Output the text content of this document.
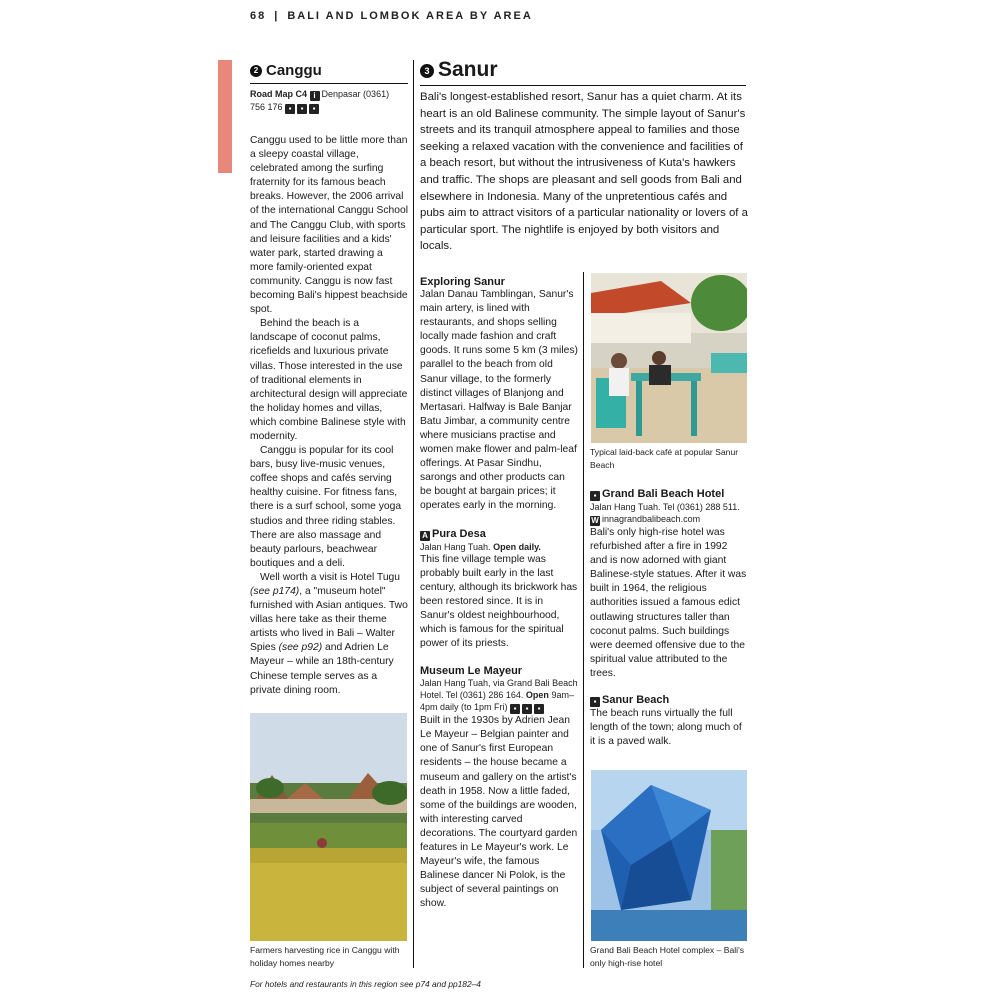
68 | BALI AND LOMBOK AREA BY AREA
2 Canggu
Road Map C4 i Denpasar (0361)
756 176 ▪ ▪ ▪

Canggu used to be little more than a sleepy coastal village, celebrated among the surfing fraternity for its famous beach breaks. However, the 2006 arrival of the international Canggu School and The Canggu Club, with sports and leisure facilities and a kids' water park, started drawing a more family-oriented expat community. Canggu is now fast becoming Bali's hippest beachside spot.

Behind the beach is a landscape of coconut palms, ricefields and luxurious private villas. Those interested in the use of traditional elements in architectural design will appreciate the holiday homes and villas, which combine Balinese style with modernity.

Canggu is popular for its cool bars, busy live-music venues, coffee shops and cafés serving healthy cuisine. For fitness fans, there is a surf school, some yoga studios and three riding stables. There are also massage and beauty parlours, beachwear boutiques and a deli.

Well worth a visit is Hotel Tugu (see p174), a "museum hotel" furnished with Asian antiques. Two villas here take as their theme artists who lived in Bali – Walter Spies (see p92) and Adrien Le Mayeur – while an 18th-century Chinese temple serves as a private dining room.

Farmers harvesting rice in Canggu with holiday homes nearby
3 Sanur
Bali's longest-established resort, Sanur has a quiet charm. At its heart is an old Balinese community. The simple layout of Sanur's streets and its tranquil atmosphere appeal to families and those seeking a relaxed vacation with the convenience and facilities of a beach resort, but without the intrusiveness of Kuta's hawkers and traffic. The shops are pleasant and sell goods from Bali and elsewhere in Indonesia. Many of the unpretentious cafés and pubs aim to attract visitors of a particular nationality or lovers of a particular sport. The nightlife is enjoyed by both visitors and locals.
Exploring Sanur

Jalan Danau Tamblingan, Sanur's main artery, is lined with restaurants, and shops selling locally made fashion and craft goods. It runs some 5 km (3 miles) parallel to the beach from old Sanur village, to the formerly distinct villages of Blanjong and Mertasari. Halfway is Bale Banjar Batu Jimbar, a community centre where musicians practise and women make flower and palm-leaf offerings. At Pasar Sindhu, sarongs and other products can be bought at bargain prices; it operates early in the morning.

A Pura Desa
Jalan Hang Tuah. Open daily.

This fine village temple was probably built early in the last century, although its brickwork has been restored since. It is in Sanur's oldest neighbourhood, which is famous for the spiritual power of its priests.

Museum Le Mayeur
Jalan Hang Tuah, via Grand Bali Beach Hotel. Tel (0361) 286 164. Open 9am–4pm daily (to 1pm Fri) ▪ ▪ ▪

Built in the 1930s by Adrien Jean Le Mayeur – Belgian painter and one of Sanur's first European residents – the house became a museum and gallery on the artist's death in 1958. Now a little faded, some of the buildings are wooden, with interesting carved decorations. The courtyard garden features in Le Mayeur's work. Le Mayeur's wife, the famous Balinese dancer Ni Polok, is the subject of several paintings on show.

Typical laid-back café at popular Sanur Beach
▪ Grand Bali Beach Hotel
Jalan Hang Tuah. Tel (0361) 288 511.
W innagrandbalibeach.com

Bali's only high-rise hotel was refurbished after a fire in 1992 and is now adorned with giant Balinese-style statues. After it was built in 1964, the religious authorities issued a famous edict outlawing structures taller than coconut palms. Such buildings were deemed offensive due to the spiritual value attributed to the trees.

▪ Sanur Beach

The beach runs virtually the full length of the town; along much of it is a paved walk.

Grand Bali Beach Hotel complex – Bali's only high-rise hotel
For hotels and restaurants in this region see p74 and pp182–4
